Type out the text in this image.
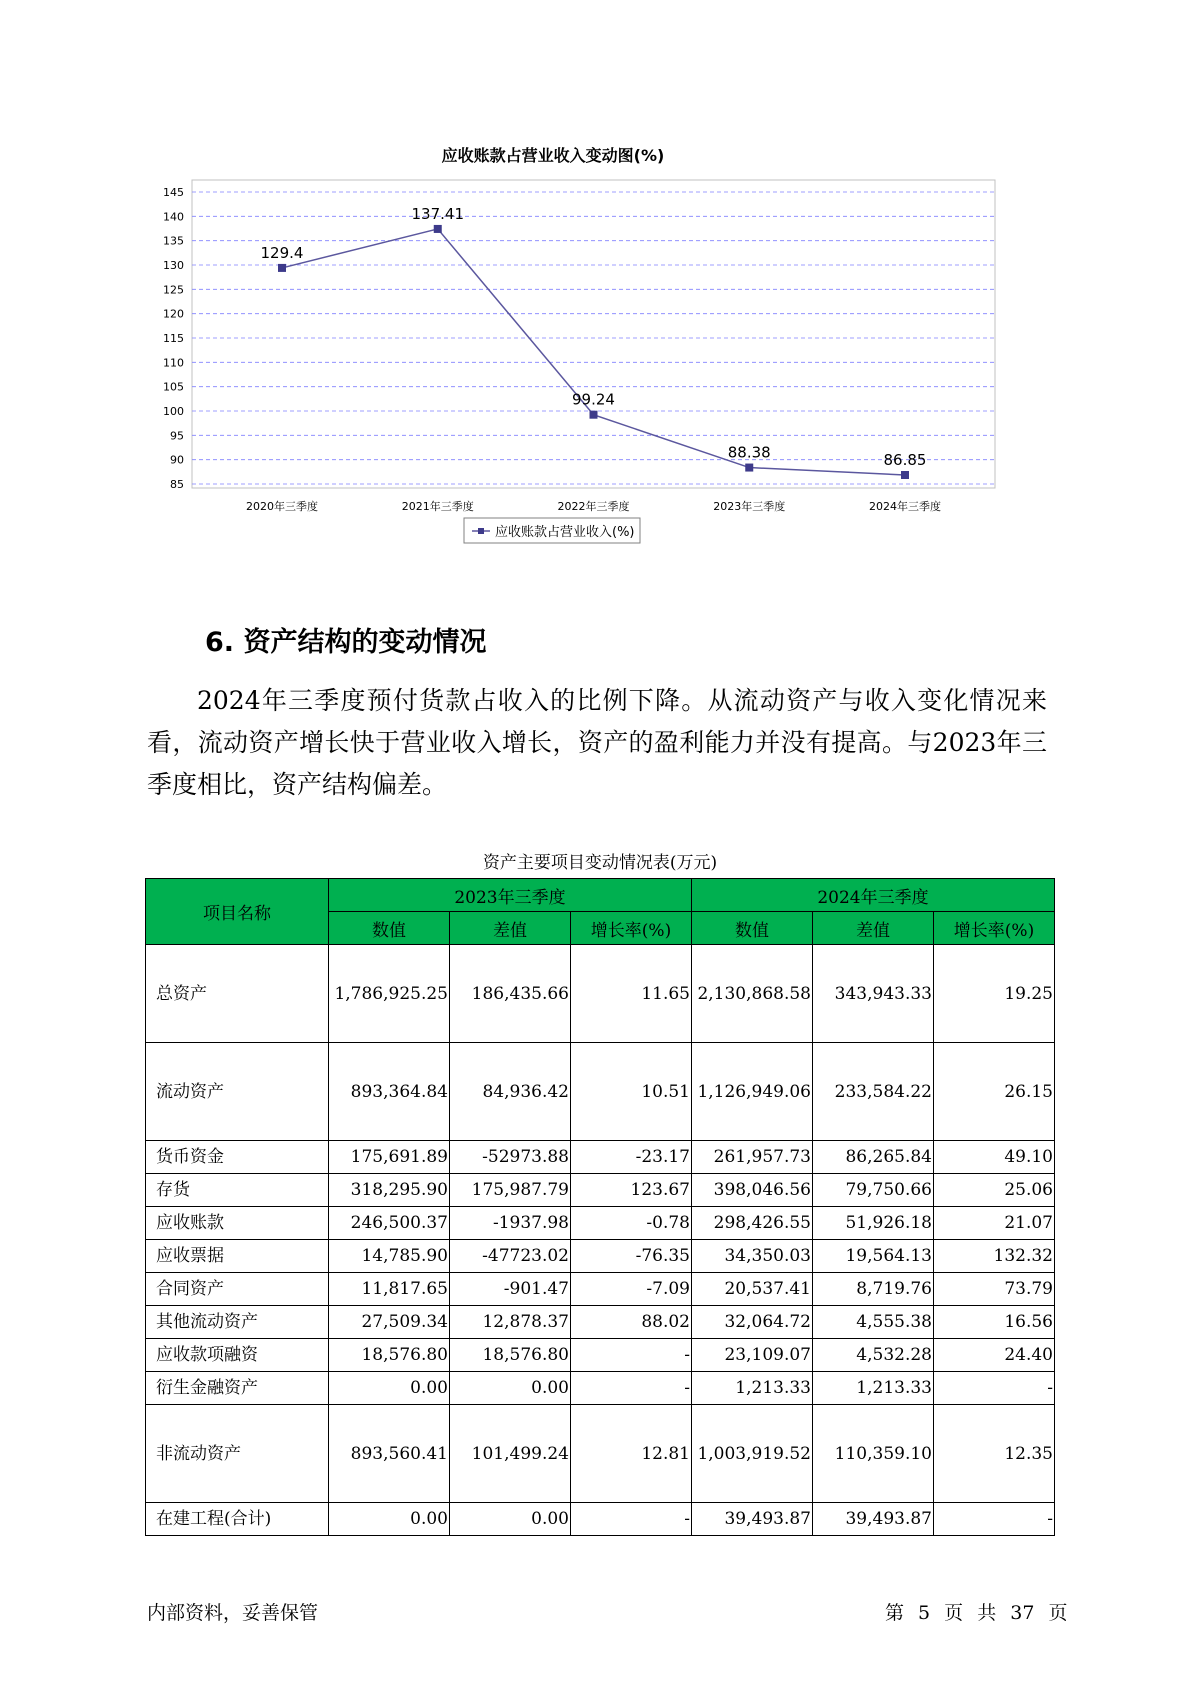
应收账款占营业收入变动图(%)
85
90
95
100
105
110
115
120
125
130
135
140
145
2020年三季度	2021年三季度	2022年三季度	2023年三季度	2024年三季度
129.4
137.41
99.24
88.38	86.85
应收账款占营业收入(%)
6. 资产结构的变动情况

2024年三季度预付货款占收入的比例下降。从流动资产与收入变化情况来看，流动资产增长快于营业收入增长，资产的盈利能力并没有提高。与2023年三季度相比，资产结构偏差。

资产主要项目变动情况表(万元)
项目名称	2023年三季度			2024年三季度		
	数值	差值	增长率(%)	数值	差值	增长率(%)
总资产	1,786,925.25	186,435.66	11.65	2,130,868.58	343,943.33	19.25
流动资产	893,364.84	84,936.42	10.51	1,126,949.06	233,584.22	26.15
货币资金	175,691.89	-52973.88	-23.17	261,957.73	86,265.84	49.10
存货	318,295.90	175,987.79	123.67	398,046.56	79,750.66	25.06
应收账款	246,500.37	-1937.98	-0.78	298,426.55	51,926.18	21.07
应收票据	14,785.90	-47723.02	-76.35	34,350.03	19,564.13	132.32
合同资产	11,817.65	-901.47	-7.09	20,537.41	8,719.76	73.79
其他流动资产	27,509.34	12,878.37	88.02	32,064.72	4,555.38	16.56
应收款项融资	18,576.80	18,576.80	-	23,109.07	4,532.28	24.40
衍生金融资产	0.00	0.00	-	1,213.33	1,213.33	-
非流动资产	893,560.41	101,499.24	12.81	1,003,919.52	110,359.10	12.35
在建工程(合计)	0.00	0.00	-	39,493.87	39,493.87	-
内部资料，妥善保管	第 5 页 共 37 页
